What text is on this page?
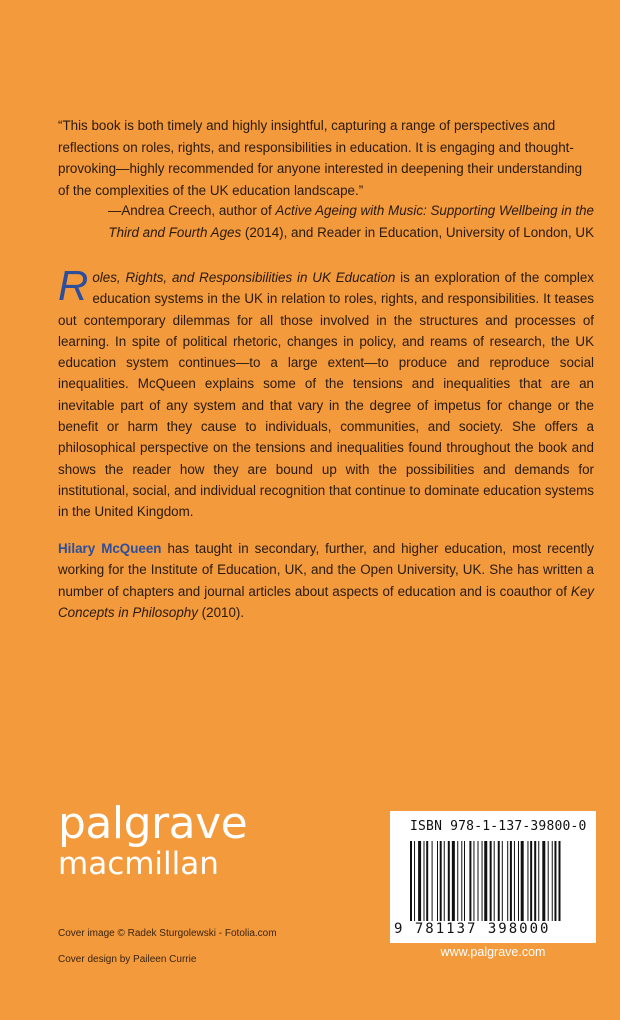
“This book is both timely and highly insightful, capturing a range of perspectives and reflections on roles, rights, and responsibilities in education. It is engaging and thought-provoking—highly recommended for anyone interested in deepening their understanding of the complexities of the UK education landscape.”

—Andrea Creech, author of Active Ageing with Music: Supporting Wellbeing in the
Third and Fourth Ages (2014), and Reader in Education, University of London, UK
Roles, Rights, and Responsibilities in UK Education is an exploration of the complex education systems in the UK in relation to roles, rights, and responsibilities. It teases out contemporary dilemmas for all those involved in the structures and processes of learning. In spite of political rhetoric, changes in policy, and reams of research, the UK education system continues—to a large extent—to produce and reproduce social inequalities. McQueen explains some of the tensions and inequalities that are an inevitable part of any system and that vary in the degree of impetus for change or the benefit or harm they cause to individuals, communities, and society. She offers a philosophical perspective on the tensions and inequalities found throughout the book and shows the reader how they are bound up with the possibilities and demands for institutional, social, and individual recognition that continue to dominate education systems in the United Kingdom.
Hilary McQueen has taught in secondary, further, and higher education, most recently working for the Institute of Education, UK, and the Open University, UK. She has written a number of chapters and journal articles about aspects of education and is coauthor of Key Concepts in Philosophy (2010).
palgrave
macmillan
Cover image © Radek Sturgolewski - Fotolia.com
Cover design by Paileen Currie
ISBN 978-1-137-39800-0
9 781137 398000
www.palgrave.com
